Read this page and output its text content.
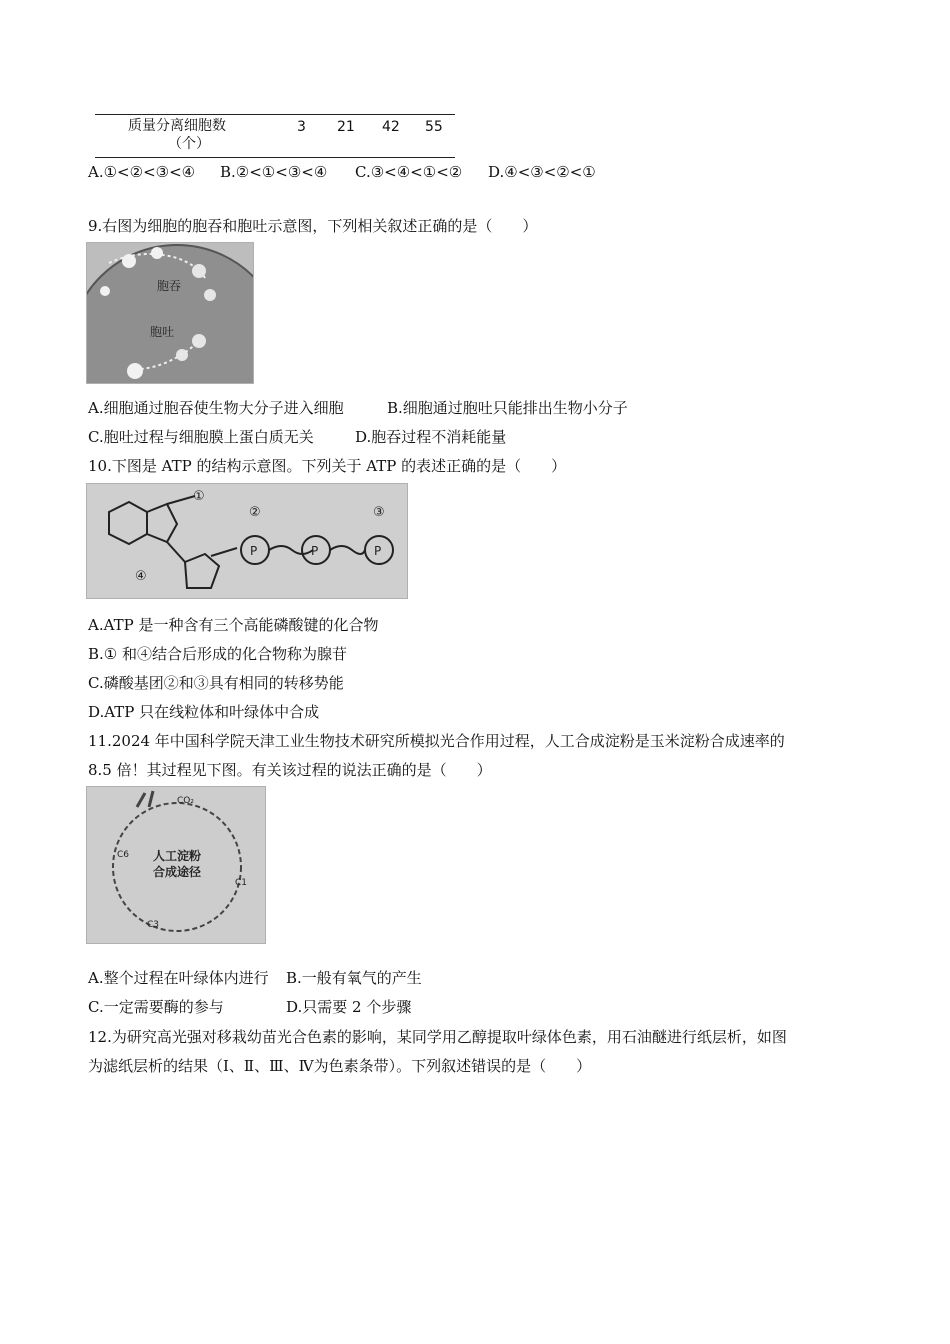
质量分离细胞数
（个）
3 21 42 55
A.①<②<③<④ B.②<①<③<④ C.③<④<①<② D.④<③<②<①
9.右图为细胞的胞吞和胞吐示意图，下列相关叙述正确的是（　　）
胞吞
胞吐
A.细胞通过胞吞使生物大分子进入细胞	B.细胞通过胞吐只能排出生物小分子
C.胞吐过程与细胞膜上蛋白质无关	D.胞吞过程不消耗能量
10.下图是 ATP 的结构示意图。下列关于 ATP 的表述正确的是（　　）
P	P	P
①
②	③
④
A.ATP 是一种含有三个高能磷酸键的化合物
B.① 和④结合后形成的化合物称为腺苷
C.磷酸基团②和③具有相同的转移势能
D.ATP 只在线粒体和叶绿体中合成
11.2024 年中国科学院天津工业生物技术研究所模拟光合作用过程，人工合成淀粉是玉米淀粉合成速率的
8.5 倍！其过程见下图。有关该过程的说法正确的是（　　）
人工淀粉
合成途径
CO₂
C1
C3
C6
A.整个过程在叶绿体内进行 B.一般有氧气的产生
C.一定需要酶的参与	D.只需要 2 个步骤
12.为研究高光强对移栽幼苗光合色素的影响，某同学用乙醇提取叶绿体色素，用石油醚进行纸层析，如图
为滤纸层析的结果（Ⅰ、Ⅱ、Ⅲ、Ⅳ为色素条带）。下列叙述错误的是（　　）
